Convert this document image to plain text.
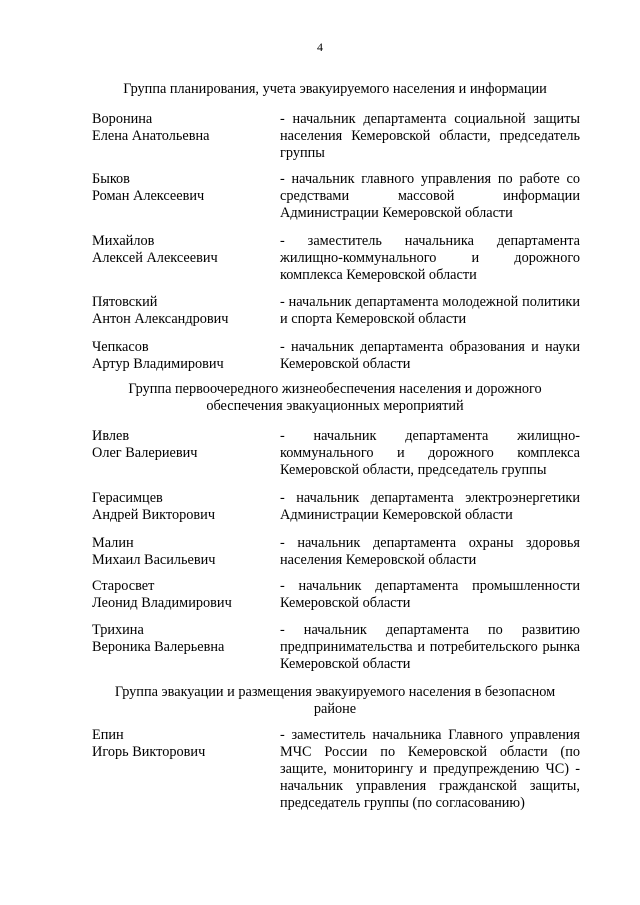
4
Группа планирования, учета эвакуируемого населения и информации
Воронина
Елена Анатольевна
- начальник департамента социальной защиты населения Кемеровской области, председатель группы
Быков
Роман Алексеевич
- начальник главного управления по работе со средствами массовой информации Администрации Кемеровской области
Михайлов
Алексей Алексеевич
- заместитель начальника департамента жилищно-коммунального и дорожного комплекса Кемеровской области
Пятовский
Антон Александрович
- начальник департамента молодежной политики и спорта Кемеровской области
Чепкасов
Артур Владимирович
- начальник департамента образования и науки Кемеровской области
Группа первоочередного жизнеобеспечения населения и дорожного
обеспечения эвакуационных мероприятий
Ивлев
Олег Валериевич
- начальник департамента жилищно-коммунального и дорожного комплекса Кемеровской области, председатель группы
Герасимцев
Андрей Викторович
- начальник департамента электроэнергетики Администрации Кемеровской области
Малин
Михаил Васильевич
- начальник департамента охраны здоровья населения Кемеровской области
Старосвет
Леонид Владимирович
- начальник департамента промышленности Кемеровской области
Трихина
Вероника Валерьевна
- начальник департамента по развитию предпринимательства и потребительского рынка Кемеровской области
Группа эвакуации и размещения эвакуируемого населения в безопасном
районе
Епин
Игорь Викторович
- заместитель начальника Главного управления МЧС России по Кемеровской области (по защите, мониторингу и предупреждению ЧС) - начальник управления гражданской защиты, председатель группы (по согласованию)
